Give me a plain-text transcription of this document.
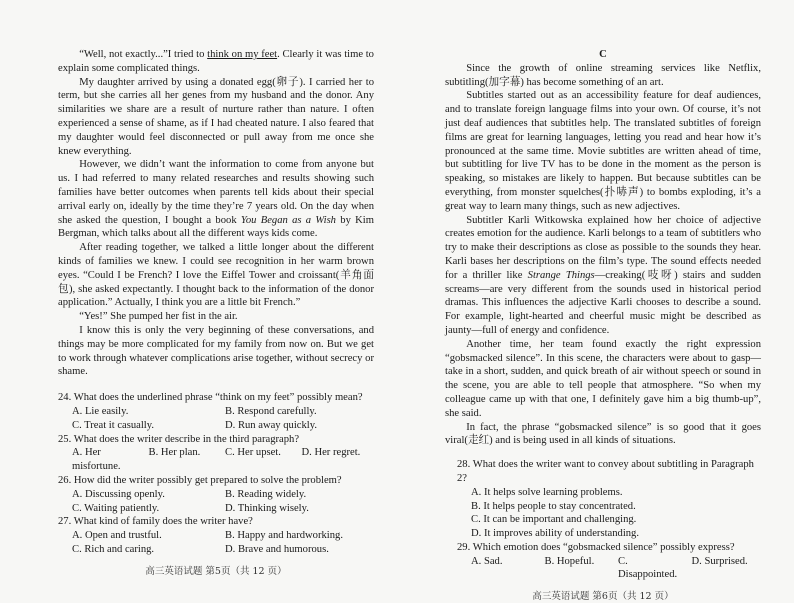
“Well, not exactly...”I tried to think on my feet. Clearly it was time to explain some complicated things.

My daughter arrived by using a donated egg(卵子). I carried her to term, but she carries all her genes from my husband and the donor. Any similarities we share are a result of nurture rather than nature. I often experienced a sense of shame, as if I had cheated nature. I also feared that my daughter would feel disconnected or pull away from me once she knew everything.

However, we didn’t want the information to come from anyone but us. I had referred to many related researches and results showing such families have better outcomes when parents tell kids about their special arrival early on, ideally by the time they’re 7 years old. On the day when she asked the question, I bought a book You Began as a Wish by Kim Bergman, which talks about all the different ways kids come.

After reading together, we talked a little longer about the different kinds of families we knew. I could see recognition in her warm brown eyes. “Could I be French? I love the Eiffel Tower and croissant(羊角面包), she asked expectantly. I thought back to the information of the donor application.” Actually, I think you are a little bit French.”

“Yes!” She pumped her fist in the air.

I know this is only the very beginning of these conversations, and things may be more complicated for my family from now on. But we get to work through whatever complications arise together, without secrecy or shame.

24. What does the underlined phrase “think on my feet” possibly mean?

A. Lie easily.	B. Respond carefully.
C. Treat it casually.	D. Run away quickly.

25. What does the writer describe in the third paragraph?

A. Her misfortune.
B. Her plan.	C. Her upset.	D. Her regret.

26. How did the writer possibly get prepared to solve the problem?

A. Discussing openly.	B. Reading widely.
C. Waiting patiently.	D. Thinking wisely.

27. What kind of family does the writer have?

A. Open and trustful.	B. Happy and hardworking.
C. Rich and caring.	D. Brave and humorous.
高三英语试题 第5页（共 12 页）

C

Since the growth of online streaming services like Netflix, subtitling(加字幕) has become something of an art.

Subtitles started out as an accessibility feature for deaf audiences, and to translate foreign language films into your own. Of course, it’s not just deaf audiences that subtitles help. The translated subtitles of foreign films are great for learning languages, letting you read and hear how it’s pronounced at the same time. Movie subtitles are written ahead of time, but subtitling for live TV has to be done in the moment as the person is speaking, so mistakes are likely to happen. But because subtitles can be everything, from monster squelches(扑哧声) to bombs exploding, it’s a great way to learn many things, such as new adjectives.

Subtitler Karli Witkowska explained how her choice of adjective creates emotion for the audience. Karli belongs to a team of subtitlers who try to make their descriptions as close as possible to the sounds they hear. Karli bases her descriptions on the film’s type. The sound effects needed for a thriller like Strange Things—creaking(吱呀) stairs and sudden screams—are very different from the sounds used in historical period dramas. This influences the adjective Karli chooses to describe a sound. For example, light-hearted and cheerful music might be described as jaunty—full of energy and confidence.

Another time, her team found exactly the right expression “gobsmacked silence”. In this scene, the characters were about to gasp—take in a short, sudden, and quick breath of air without speech or sound in the scene, you are able to tell people that atmosphere. “So when my colleague came up with that one, I definitely gave him a big thumb-up”, she said.

In fact, the phrase “gobsmacked silence” is so good that it goes viral(走红) and is being used in all kinds of situations.

28. What does the writer want to convey about subtitling in Paragraph 2?

A. It helps solve learning problems.
B. It helps people to stay concentrated.
C. It can be important and challenging.
D. It improves ability of understanding.

29. Which emotion does “gobsmacked silence” possibly express?

A. Sad.	B. Hopeful.	C. Disappointed.
D. Surprised.
高三英语试题 第6页（共 12 页）
